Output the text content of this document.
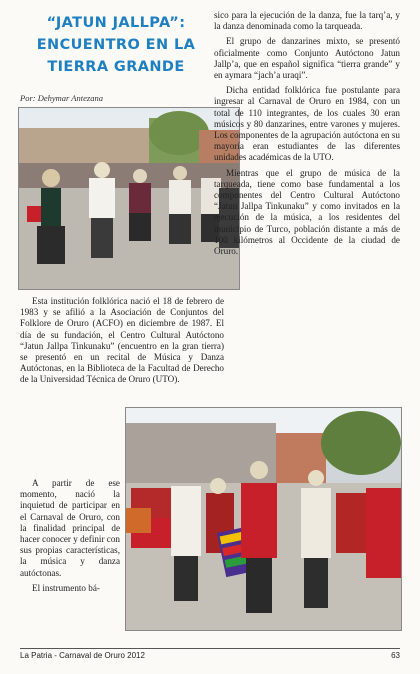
“JATUN JALLPA”:
ENCUENTRO EN LA
TIERRA GRANDE
Por: Dehymar Antezana

Esta institución folklórica nació el 18 de febrero de 1983 y se afilió a la Asociación de Conjuntos del Folklore de Oruro (ACFO) en diciembre de 1987. El día de su fundación, el Centro Cultural Autóctono “Jatun Jallpa Tinkunaku” (encuentro en la gran tierra) se presentó en un recital de Música y Danza Autóctonas, en la Biblioteca de la Facultad de Derecho de la Universidad Técnica de Oruro (UTO).

A partir de ese momento, nació la inquietud de participar en el Carnaval de Oruro, con la finalidad principal de hacer conocer y definir con sus propias características, la música y danza autóctonas.

El instrumento bá-

sico para la ejecución de la danza, fue la tarq’a, y la danza denominada como la tarqueada.

El grupo de danzarines mixto, se presentó oficialmente como Conjunto Autóctono Jatun Jallp’a, que en español significa “tierra grande” y en aymara “jach’a uraqi”.

Dicha entidad folklórica fue postulante para ingresar al Carnaval de Oruro en 1984, con un total de 110 integrantes, de los cuales 30 eran músicos y 80 danzarines, entre varones y mujeres. Los componentes de la agrupación autóctona en su mayoría eran estudiantes de las diferentes unidades académicas de la UTO.

Mientras que el grupo de música de la tarqueada, tiene como base fundamental a los componentes del Centro Cultural Autóctono “Jatun Jallpa Tinkunaku” y como invitados en la ejecución de la música, a los residentes del municipio de Turco, población distante a más de 100 kilómetros al Occidente de la ciudad de Oruro.

La Patria - Carnaval de Oruro 2012	63
